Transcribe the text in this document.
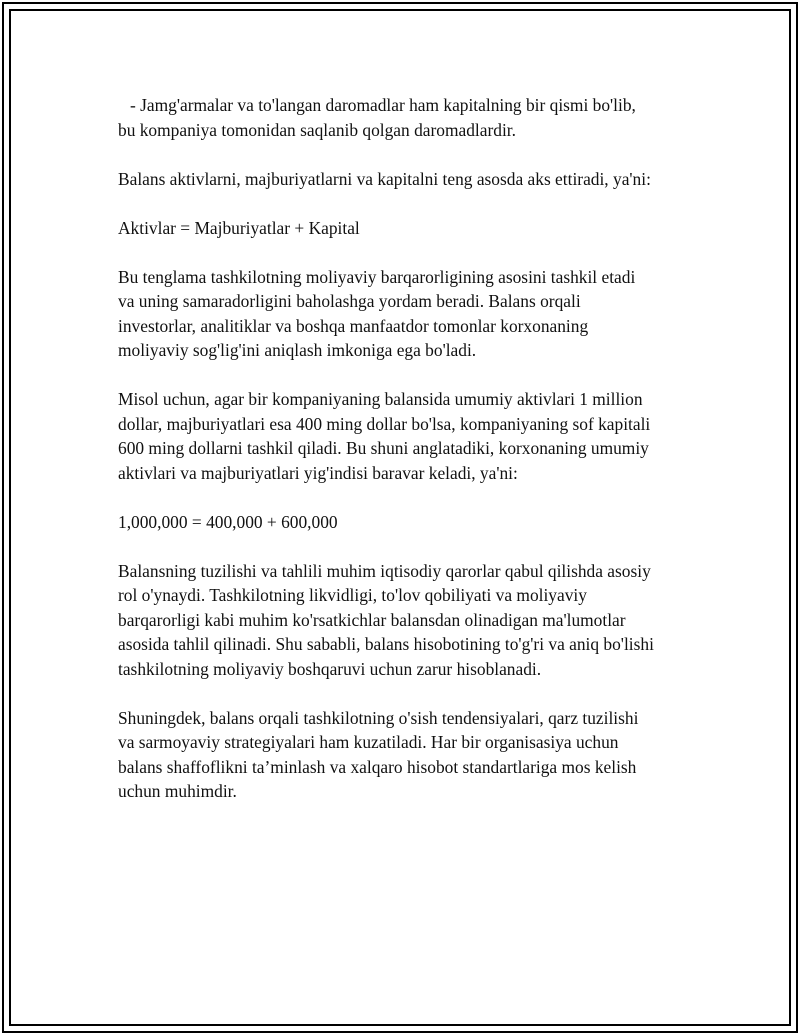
- Jamg'armalar va to'langan daromadlar ham kapitalning bir qismi bo'lib,
bu kompaniya tomonidan saqlanib qolgan daromadlardir.

Balans aktivlarni, majburiyatlarni va kapitalni teng asosda aks ettiradi, ya'ni:

Aktivlar = Majburiyatlar + Kapital

Bu tenglama tashkilotning moliyaviy barqarorligining asosini tashkil etadi
va uning samaradorligini baholashga yordam beradi. Balans orqali
investorlar, analitiklar va boshqa manfaatdor tomonlar korxonaning
moliyaviy sog'lig'ini aniqlash imkoniga ega bo'ladi.

Misol uchun, agar bir kompaniyaning balansida umumiy aktivlari 1 million
dollar, majburiyatlari esa 400 ming dollar bo'lsa, kompaniyaning sof kapitali
600 ming dollarni tashkil qiladi. Bu shuni anglatadiki, korxonaning umumiy
aktivlari va majburiyatlari yig'indisi baravar keladi, ya'ni:

1,000,000 = 400,000 + 600,000

Balansning tuzilishi va tahlili muhim iqtisodiy qarorlar qabul qilishda asosiy
rol o'ynaydi. Tashkilotning likvidligi, to'lov qobiliyati va moliyaviy
barqarorligi kabi muhim ko'rsatkichlar balansdan olinadigan ma'lumotlar
asosida tahlil qilinadi. Shu sababli, balans hisobotining to'g'ri va aniq bo'lishi
tashkilotning moliyaviy boshqaruvi uchun zarur hisoblanadi.

Shuningdek, balans orqali tashkilotning o'sish tendensiyalari, qarz tuzilishi
va sarmoyaviy strategiyalari ham kuzatiladi. Har bir organisasiya uchun
balans shaffoflikni ta’minlash va xalqaro hisobot standartlariga mos kelish
uchun muhimdir.
